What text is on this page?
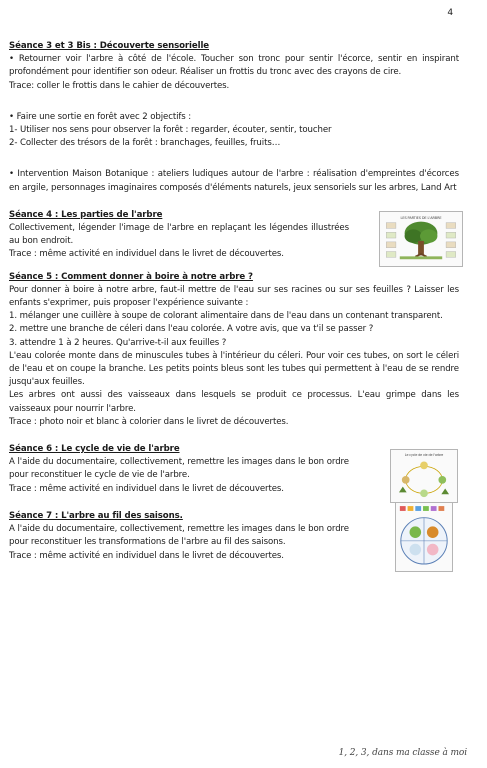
4

Séance 3 et 3 Bis : Découverte sensorielle

• Retourner voir l'arbre à côté de l'école. Toucher son tronc pour sentir l'écorce, sentir en inspirant profondément pour identifier son odeur. Réaliser un frottis du tronc avec des crayons de cire.

Trace: coller le frottis dans le cahier de découvertes.

• Faire une sortie en forêt avec 2 objectifs :

1- Utiliser nos sens pour observer la forêt : regarder, écouter, sentir, toucher

2- Collecter des trésors de la forêt : branchages, feuilles, fruits…

• Intervention Maison Botanique : ateliers ludiques autour de l'arbre : réalisation d'empreintes d'écorces en argile, personnages imaginaires composés d'éléments naturels, jeux sensoriels sur les arbres, Land Art

Séance 4 : Les parties de l'arbre

Collectivement, légender l'image de l'arbre en replaçant les légendes illustrées au bon endroit.

Trace : même activité en individuel dans le livret de découvertes.

LES PARTIES DE L'ARBRE

Séance 5 : Comment donner à boire à notre arbre ?

Pour donner à boire à notre arbre, faut-il mettre de l'eau sur ses racines ou sur ses feuilles ? Laisser les enfants s'exprimer, puis proposer l'expérience suivante :

1. mélanger une cuillère à soupe de colorant alimentaire dans de l'eau dans un contenant transparent.

2. mettre une branche de céleri dans l'eau colorée. A votre avis, que va t'il se passer ?

3. attendre 1 à 2 heures. Qu'arrive-t-il aux feuilles ?

L'eau colorée monte dans de minuscules tubes à l'intérieur du céleri. Pour voir ces tubes, on sort le céleri de l'eau et on coupe la branche. Les petits points bleus sont les tubes qui permettent à l'eau de se rendre jusqu'aux feuilles.

Les arbres ont aussi des vaisseaux dans lesquels se produit ce processus. L'eau grimpe dans les vaisseaux pour nourrir l'arbre.

Trace : photo noir et blanc à colorier dans le livret de découvertes.

Séance 6 : Le cycle de vie de l'arbre

A l'aide du documentaire, collectivement, remettre les images dans le bon ordre pour reconstituer le cycle de vie de l'arbre.

Trace : même activité en individuel dans le livret de découvertes.

Le cycle de vie de l'arbre

Séance 7 : L'arbre au fil des saisons.

A l'aide du documentaire, collectivement, remettre les images dans le bon ordre pour reconstituer les transformations de l'arbre au fil des saisons.

Trace : même activité en individuel dans le livret de découvertes.

1, 2, 3, dans ma classe à moi
